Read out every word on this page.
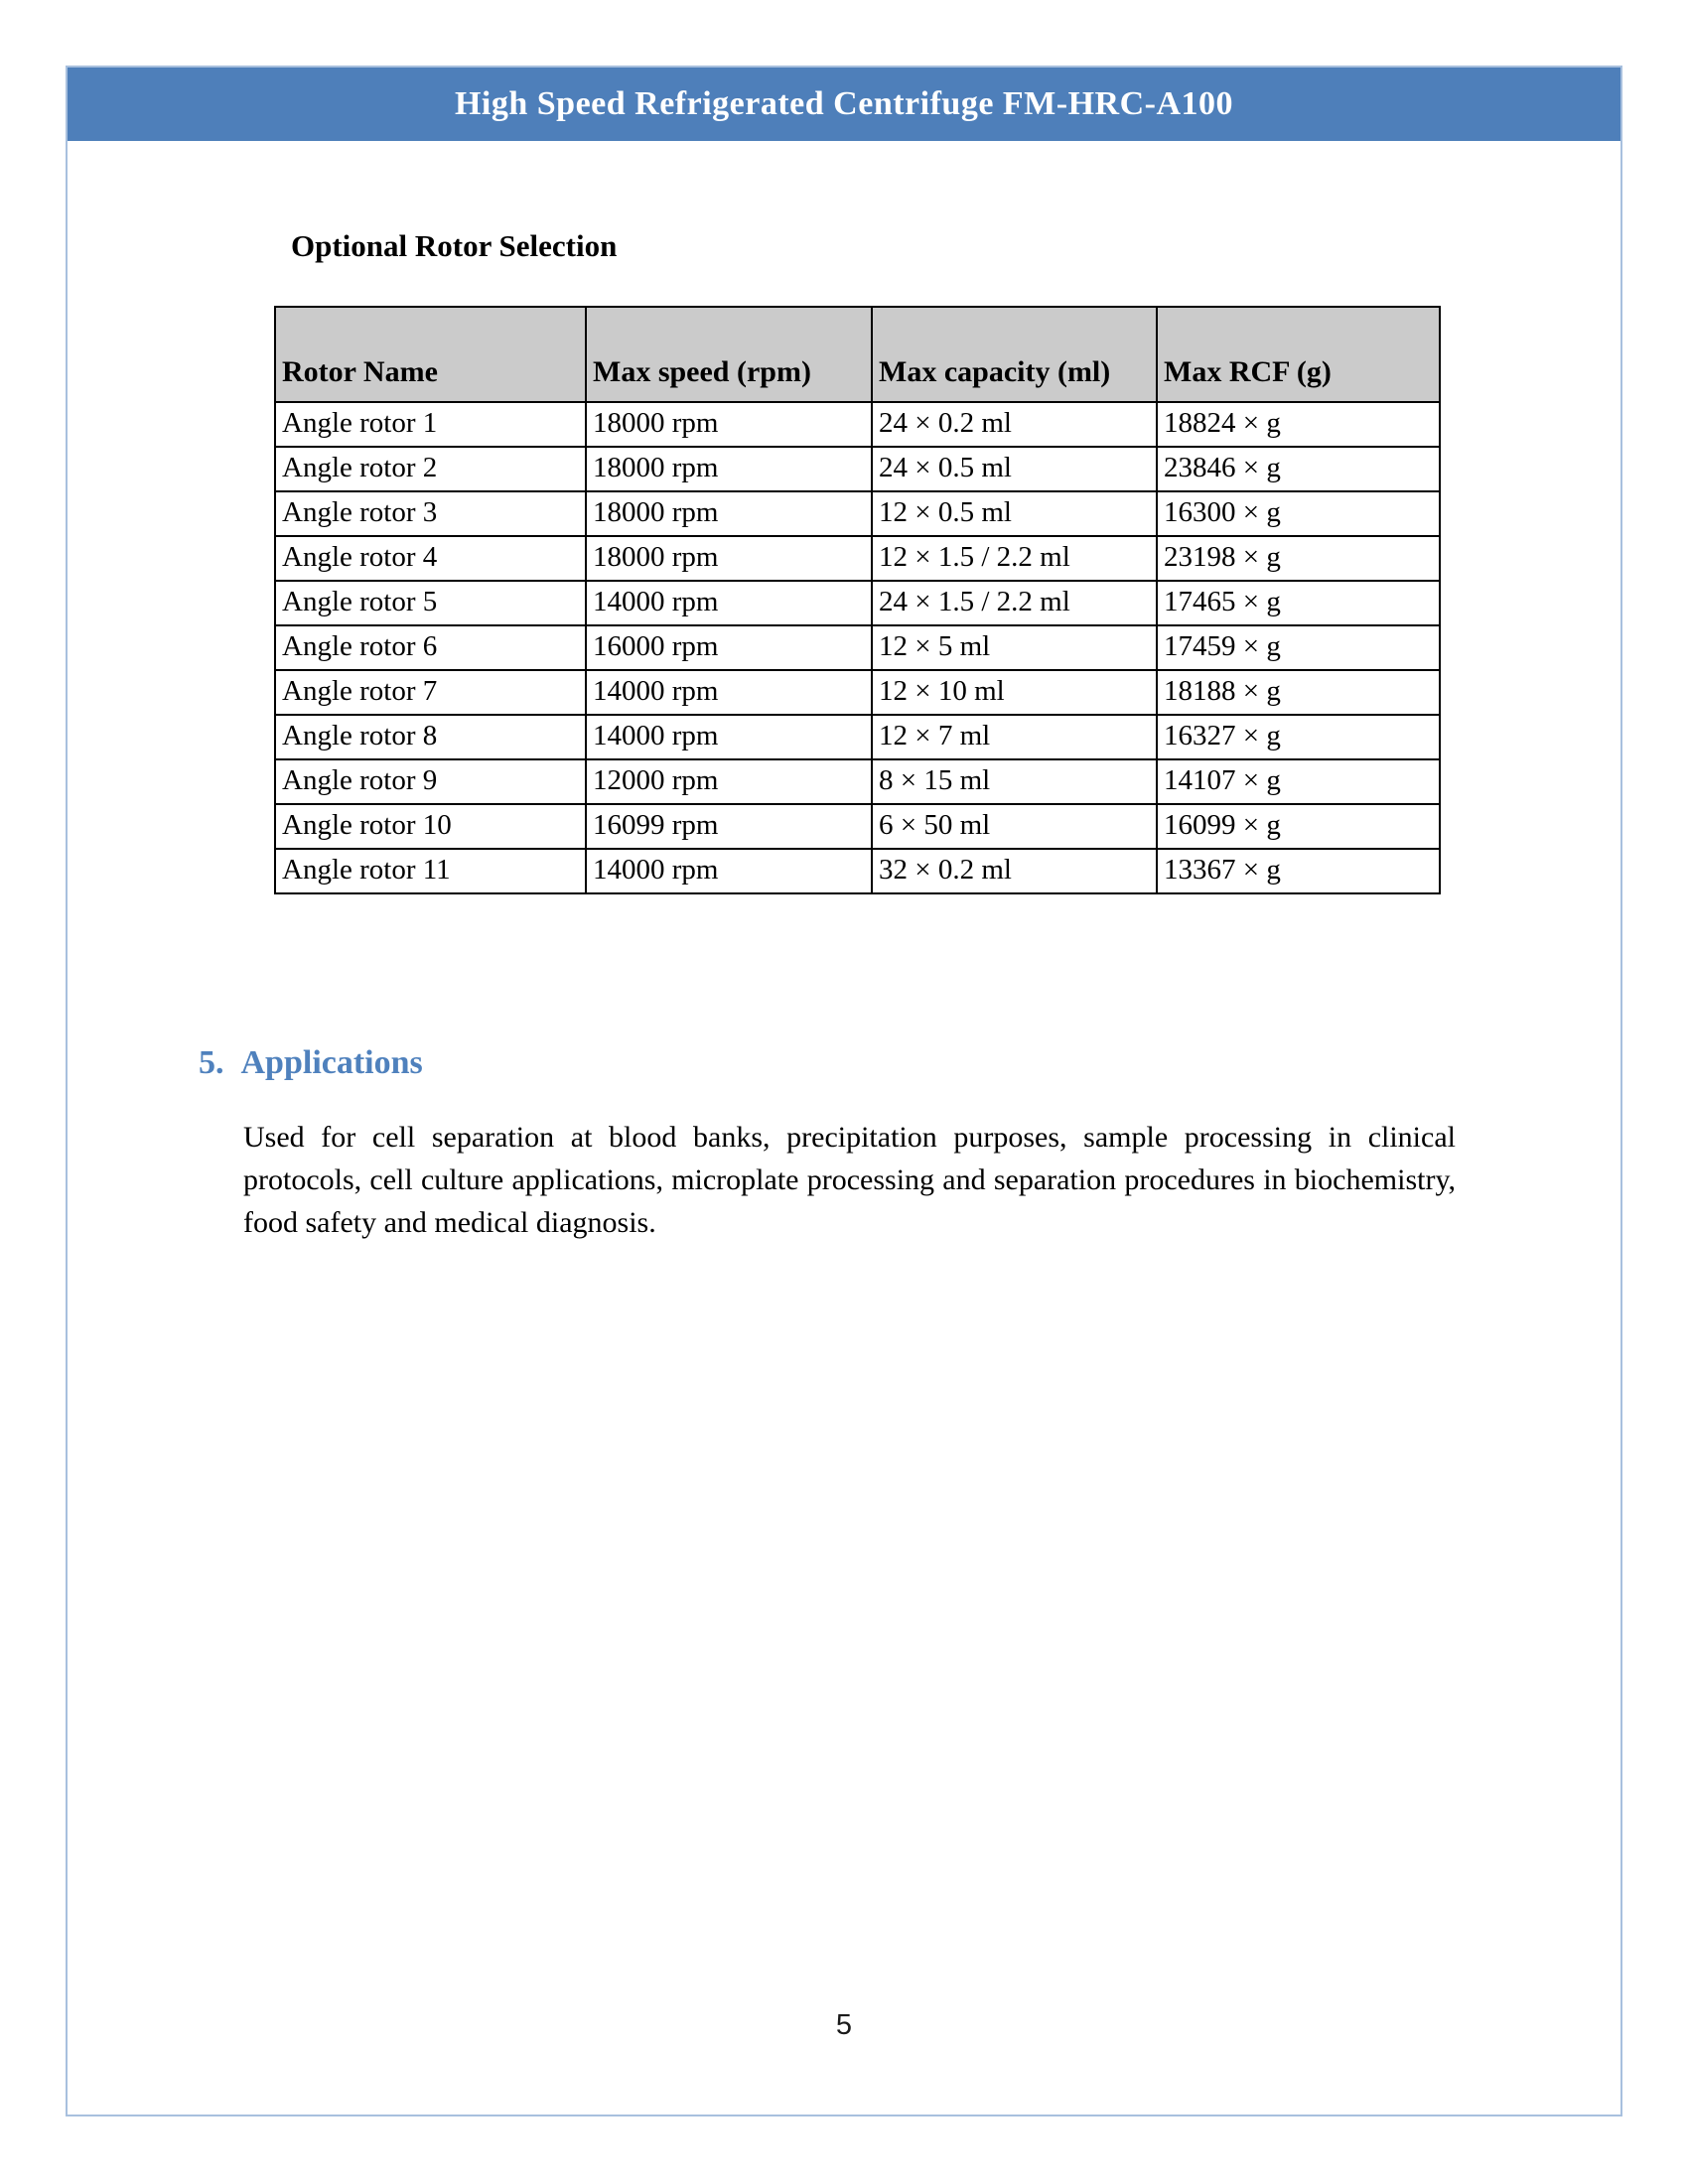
High Speed Refrigerated Centrifuge FM-HRC-A100
Optional Rotor Selection
Rotor Name	Max speed (rpm)	Max capacity (ml)	Max RCF (g)
Angle rotor 1	18000 rpm	24 × 0.2 ml	18824 × g
Angle rotor 2	18000 rpm	24 × 0.5 ml	23846 × g
Angle rotor 3	18000 rpm	12 × 0.5 ml	16300 × g
Angle rotor 4	18000 rpm	12 × 1.5 / 2.2 ml	23198 × g
Angle rotor 5	14000 rpm	24 × 1.5 / 2.2 ml	17465 × g
Angle rotor 6	16000 rpm	12 × 5 ml	17459 × g
Angle rotor 7	14000 rpm	12 × 10 ml	18188 × g
Angle rotor 8	14000 rpm	12 × 7 ml	16327 × g
Angle rotor 9	12000 rpm	8 × 15 ml	14107 × g
Angle rotor 10	16099 rpm	6 × 50 ml	16099 × g
Angle rotor 11	14000 rpm	32 × 0.2 ml	13367 × g
5. Applications

Used for cell separation at blood banks, precipitation purposes, sample processing in clinical protocols, cell culture applications, microplate processing and separation procedures in biochemistry, food safety and medical diagnosis.

5
